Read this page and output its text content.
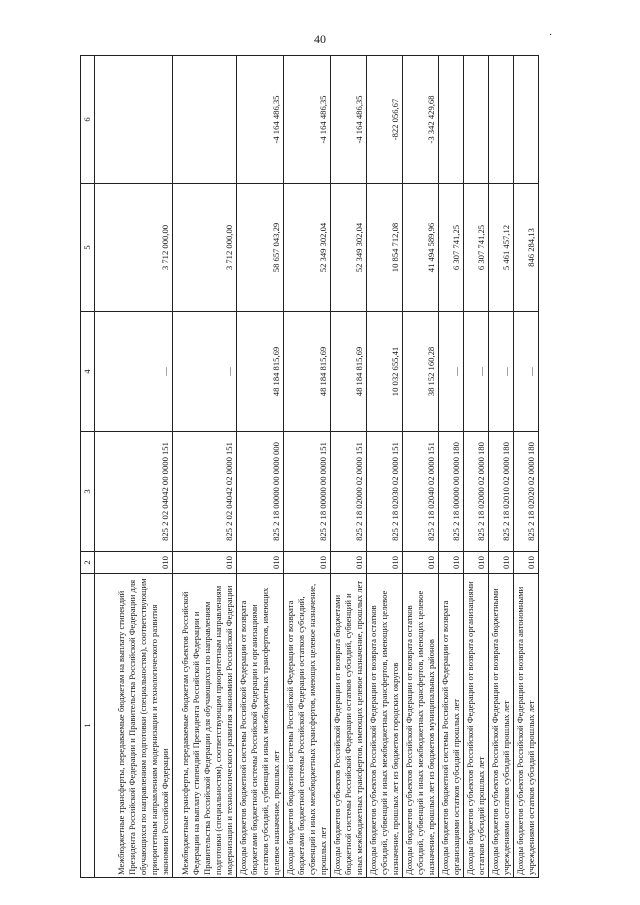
40	·
1	2	3	4	5	6
Межбюджетные трансферты, передаваемые бюджетам на выплату стипендий Президента Российской Федерации и Правительства Российской Федерации для обучающихся по направлениям подготовки (специальностям), соответствующим приоритетным направлениям модернизации и технологического развития экономики Российской Федерации	010	825 2 02 04042 00 0000 151	—	3 712 000,00	
Межбюджетные трансферты, передаваемые бюджетам субъектов Российской Федерации на выплату стипендий Президента Российской Федерации и Правительства Российской Федерации для обучающихся по направлениям подготовки (специальностям), соответствующим приоритетным направлениям модернизации и технологического развития экономики Российской Федерации	010	825 2 02 04042 02 0000 151	—	3 712 000,00	
Доходы бюджетов бюджетной системы Российской Федерации от возврата бюджетами бюджетной системы Российской Федерации и организациями остатков субсидий, субвенций и иных межбюджетных трансфертов, имеющих целевое назначение, прошлых лет	010	825 2 18 00000 00 0000 000	48 184 815,69	58 657 043,29	-4 164 486,35
Доходы бюджетов бюджетной системы Российской Федерации от возврата бюджетами бюджетной системы Российской Федерации остатков субсидий, субвенций и иных межбюджетных трансфертов, имеющих целевое назначение, прошлых лет	010	825 2 18 00000 00 0000 151	48 184 815,69	52 349 302,04	-4 164 486,35
Доходы бюджетов субъектов Российской Федерации от возврата бюджетами бюджетной системы Российской Федерации остатков субсидий, субвенций и иных межбюджетных трансфертов, имеющих целевое назначение, прошлых лет	010	825 2 18 02000 02 0000 151	48 184 815,69	52 349 302,04	-4 164 486,35
Доходы бюджетов субъектов Российской Федерации от возврата остатков субсидий, субвенций и иных межбюджетных трансфертов, имеющих целевое назначение, прошлых лет из бюджетов городских округов	010	825 2 18 02030 02 0000 151	10 032 655,41	10 854 712,08	-822 056,67
Доходы бюджетов субъектов Российской Федерации от возврата остатков субсидий, субвенций и иных межбюджетных трансфертов, имеющих целевое назначение, прошлых лет из бюджетов муниципальных районов	010	825 2 18 02040 02 0000 151	38 152 160,28	41 494 589,96	-3 342 429,68
Доходы бюджетов бюджетной системы Российской Федерации от возврата организациями остатков субсидий прошлых лет	010	825 2 18 00000 00 0000 180	—	6 307 741,25	
Доходы бюджетов субъектов Российской Федерации от возврата организациями остатков субсидий прошлых лет	010	825 2 18 02000 02 0000 180	—	6 307 741,25	
Доходы бюджетов субъектов Российской Федерации от возврата бюджетными учреждениями остатков субсидий прошлых лет	010	825 2 18 02010 02 0000 180	—	5 461 457,12	
Доходы бюджетов субъектов Российской Федерации от возврата автономными учреждениями остатков субсидий прошлых лет	010	825 2 18 02020 02 0000 180	—	846 284,13	
